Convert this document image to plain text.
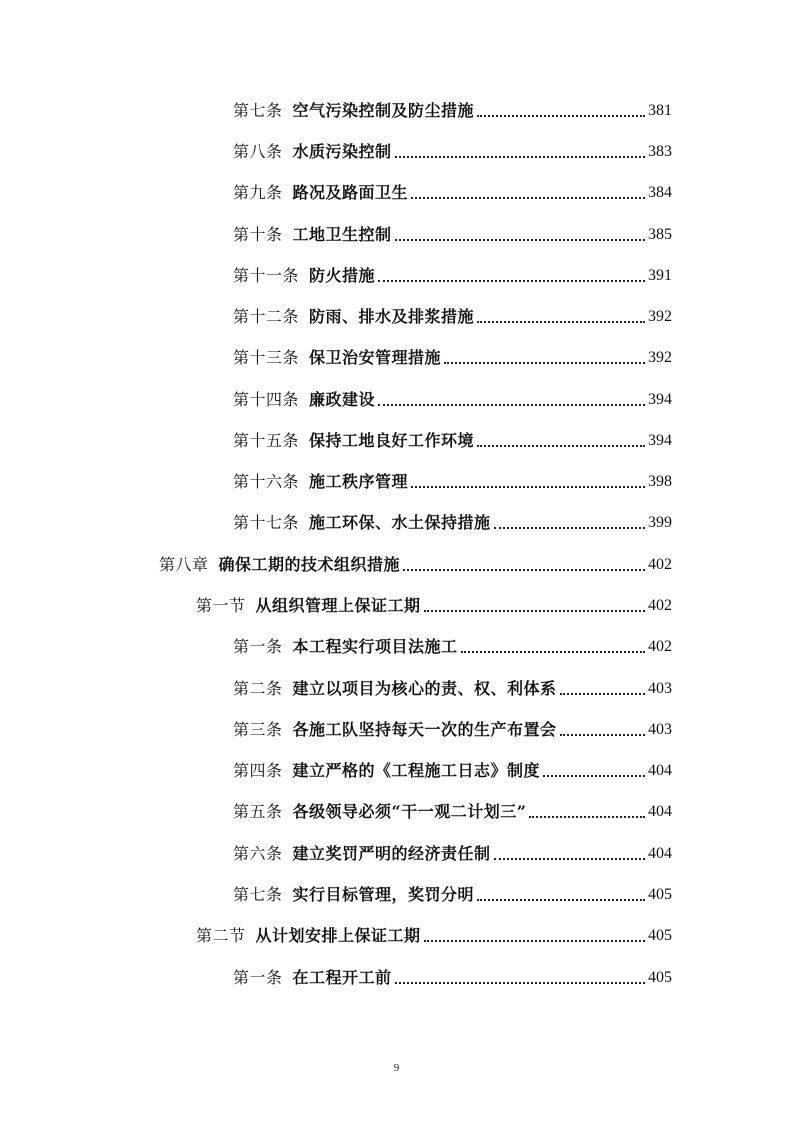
第七条 空气污染控制及防尘措施	381
第八条 水质污染控制	383
第九条 路况及路面卫生	384
第十条 工地卫生控制	385
第十一条 防火措施	391
第十二条 防雨、排水及排浆措施	392
第十三条 保卫治安管理措施	392
第十四条 廉政建设	394
第十五条 保持工地良好工作环境	394
第十六条 施工秩序管理	398
第十七条 施工环保、水土保持措施	399
第八章 确保工期的技术组织措施	402
第一节 从组织管理上保证工期	402
第一条 本工程实行项目法施工	402
第二条 建立以项目为核心的责、权、利体系	403
第三条 各施工队坚持每天一次的生产布置会	403
第四条 建立严格的《工程施工日志》制度	404
第五条 各级领导必须“干一观二计划三”	404
第六条 建立奖罚严明的经济责任制	404
第七条 实行目标管理，奖罚分明	405
第二节 从计划安排上保证工期	405
第一条 在工程开工前	405
9
